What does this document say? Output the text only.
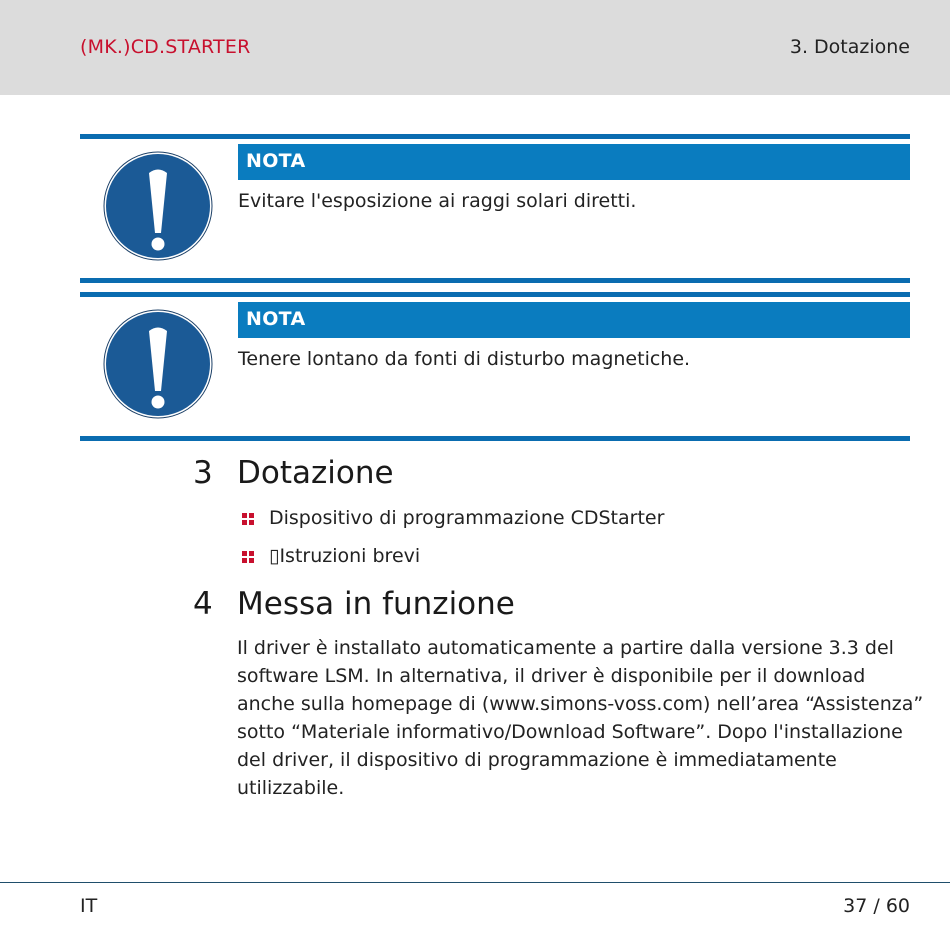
(MK.)CD.STARTER	3. Dotazione
NOTA
Evitare l'esposizione ai raggi solari diretti.
NOTA
Tenere lontano da fonti di disturbo magnetiche.
3 Dotazione
Dispositivo di programmazione CDStarter
▯Istruzioni brevi
4 Messa in funzione
Il driver è installato automaticamente a partire dalla versione 3.3 del software LSM. In alternativa, il driver è disponibile per il download anche sulla homepage di (www.simons-voss.com) nell’area “Assistenza” sotto “Materiale informativo/Download Software”. Dopo l'installazione del driver, il dispositivo di programmazione è immediatamente utilizzabile.
IT	37 / 60
